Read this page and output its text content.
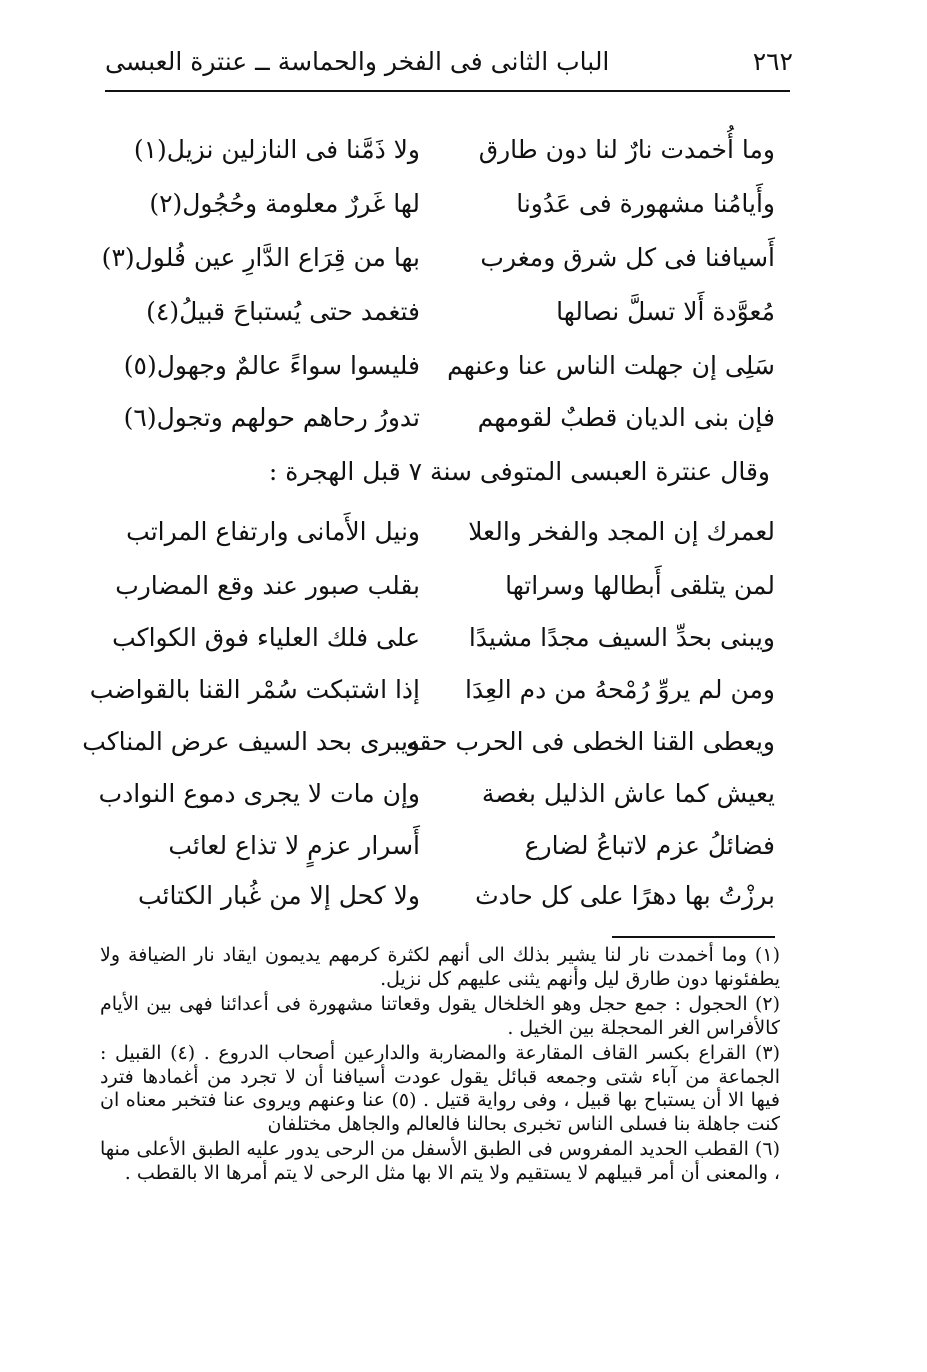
٢٦٢
الباب الثانى فى الفخر والحماسة ــ عنترة العبسى
وما أُخمدت نارٌ لنا دون طارق
ولا ذَمَّنا فى النازلين نزيل(١)
وأَيامُنا مشهورة فى عَدُونا
لها غَررٌ معلومة وحُجُول(٢)
أَسيافنا فى كل شرق ومغرب
بها من قِرَاع الدَّارِ عين فُلول(٣)
مُعوَّدة أَلا تسلَّ نصالها
فتغمد حتى يُستباحَ قبيلُ(٤)
سَلِى إن جهلت الناس عنا وعنهم
فليسوا سواءً عالمٌ وجهول(٥)
فإن بنى الديان قطبٌ لقومهم
تدورُ رحاهم حولهم وتجول(٦)
وقال عنترة العبسى المتوفى سنة ٧ قبل الهجرة :
لعمرك إن المجد والفخر والعلا
ونيل الأَمانى وارتفاع المراتب
لمن يتلقى أَبطالها وسراتها
بقلب صبور عند وقع المضارب
ويبنى بحدِّ السيف مجدًا مشيدًا
على فلك العلياء فوق الكواكب
ومن لم يروِّ رُمْحهُ من دم العِدَا
إذا اشتبكت سُمْر القنا بالقواضب
ويعطى القنا الخطى فى الحرب حقه
ويبرى بحد السيف عرض المناكب
يعيش كما عاش الذليل بغصة
وإن مات لا يجرى دموع النوادب
فضائلُ عزم لاتباعُ لضارع
أَسرار عزمٍ لا تذاع لعائب
برزْتُ بها دهرًا على كل حادث
ولا كحل إلا من غُبار الكتائب

(١) وما أخمدت نار لنا يشير بذلك الى أنهم لكثرة كرمهم يديمون ايقاد نار الضيافة ولا يطفئونها دون طارق ليل وأنهم يثنى عليهم كل نزيل.

(٢) الحجول : جمع حجل وهو الخلخال يقول وقعاتنا مشهورة فى أعدائنا فهى بين الأيام كالأفراس الغر المحجلة بين الخيل .

(٣) القراع بكسر القاف المقارعة والمضاربة والدارعين أصحاب الدروع . (٤) القبيل : الجماعة من آباء شتى وجمعه قبائل يقول عودت أسيافنا أن لا تجرد من أغمادها فترد فيها الا أن يستباح بها قبيل ، وفى رواية قتيل . (٥) عنا وعنهم ويروى عنا فتخبر معناه ان كنت جاهلة بنا فسلى الناس تخبرى بحالنا فالعالم والجاهل مختلفان

(٦) القطب الحديد المفروس فى الطبق الأسفل من الرحى يدور عليه الطبق الأعلى منها ، والمعنى أن أمر قبيلهم لا يستقيم ولا يتم الا بها مثل الرحى لا يتم أمرها الا بالقطب .
